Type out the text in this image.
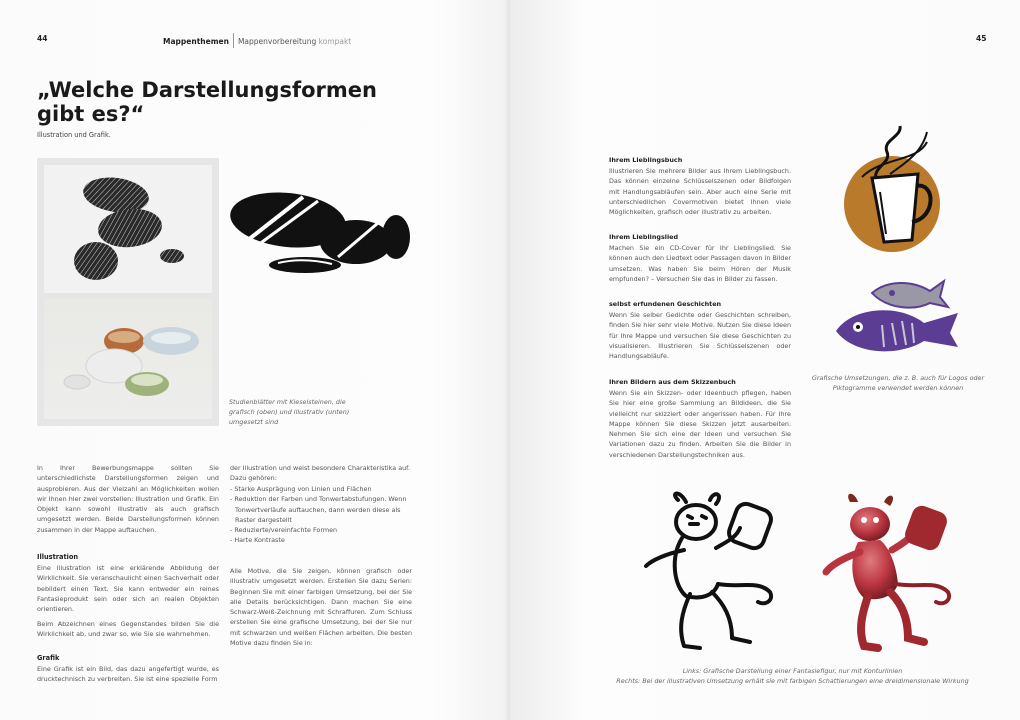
44	Mappenthemen Mappenvorbereitung kompakt
„Welche Darstellungsformen
gibt es?“
Illustration und Grafik.
Studienblätter mit Kieselsteinen, die
grafisch (oben) und illustrativ (unten)
umgesetzt sind
In Ihrer Bewerbungsmappe sollten Sie unterschiedlichste Darstellungsformen zeigen und ausprobieren. Aus der Vielzahl an Möglichkeiten wollen wir Ihnen hier zwei vorstellen: Illustration und Grafik. Ein Objekt kann sowohl illustrativ als auch grafisch umgesetzt werden. Beide Darstellungsformen können zusammen in der Mappe auftauchen.
Illustration
Eine Illustration ist eine erklärende Abbildung der Wirklichkeit. Sie veranschaulicht einen Sachverhalt oder bebildert einen Text. Sie kann entweder ein reines Fantasieprodukt sein oder sich an realen Objekten orientieren.
Beim Abzeichnen eines Gegenstandes bilden Sie die Wirklichkeit ab, und zwar so, wie Sie sie wahrnehmen.
Grafik
Eine Grafik ist ein Bild, das dazu angefertigt wurde, es drucktechnisch zu verbreiten. Sie ist eine spezielle Form
der Illustration und weist besondere Charakteristika auf. Dazu gehören:
- Starke Ausprägung von Linien und Flächen
- Reduktion der Farben und Tonwertabstufungen. Wenn
Tonwertverläufe auftauchen, dann werden diese als
Raster dargestellt
- Reduzierte/vereinfachte Formen
- Harte Kontraste
Alle Motive, die Sie zeigen, können grafisch oder illustrativ umgesetzt werden. Erstellen Sie dazu Serien: Beginnen Sie mit einer farbigen Umsetzung, bei der Sie alle Details berücksichtigen. Dann machen Sie eine Schwarz-Weiß-Zeichnung mit Schraffuren. Zum Schluss erstellen Sie eine grafische Umsetzung, bei der Sie nur mit schwarzen und weißen Flächen arbeiten. Die besten Motive dazu finden Sie in:
45
Ihrem Lieblingsbuch
Illustrieren Sie mehrere Bilder aus Ihrem Lieblingsbuch. Das können einzelne Schlüsselszenen oder Bildfolgen mit Handlungsabläufen sein. Aber auch eine Serie mit unterschiedlichen Covermotiven bietet Ihnen viele Möglichkeiten, grafisch oder illustrativ zu arbeiten.
Ihrem Lieblingslied
Machen Sie ein CD-Cover für Ihr Lieblingslied. Sie können auch den Liedtext oder Passagen davon in Bilder umsetzen. Was haben Sie beim Hören der Musik empfunden? – Versuchen Sie das in Bilder zu fassen.
selbst erfundenen Geschichten
Wenn Sie selber Gedichte oder Geschichten schreiben, finden Sie hier sehr viele Motive. Nutzen Sie diese Ideen für Ihre Mappe und versuchen Sie diese Geschichten zu visualisieren. Illustrieren Sie Schlüsselszenen oder Handlungsabläufe.
Ihren Bildern aus dem Skizzenbuch
Wenn Sie ein Skizzen- oder Ideenbuch pflegen, haben Sie hier eine große Sammlung an Bildideen, die Sie vielleicht nur skizziert oder angerissen haben. Für Ihre Mappe können Sie diese Skizzen jetzt ausarbeiten. Nehmen Sie sich eine der Ideen und versuchen Sie Variationen dazu zu finden. Arbeiten Sie die Bilder in verschiedenen Darstellungstechniken aus.
Grafische Umsetzungen, die z. B. auch für Logos oder
Piktogramme verwendet werden können
Links: Grafische Darstellung einer Fantasiefigur, nur mit Konturlinien
Rechts: Bei der illustrativen Umsetzung erhält sie mit farbigen Schattierungen eine dreidimensionale Wirkung
